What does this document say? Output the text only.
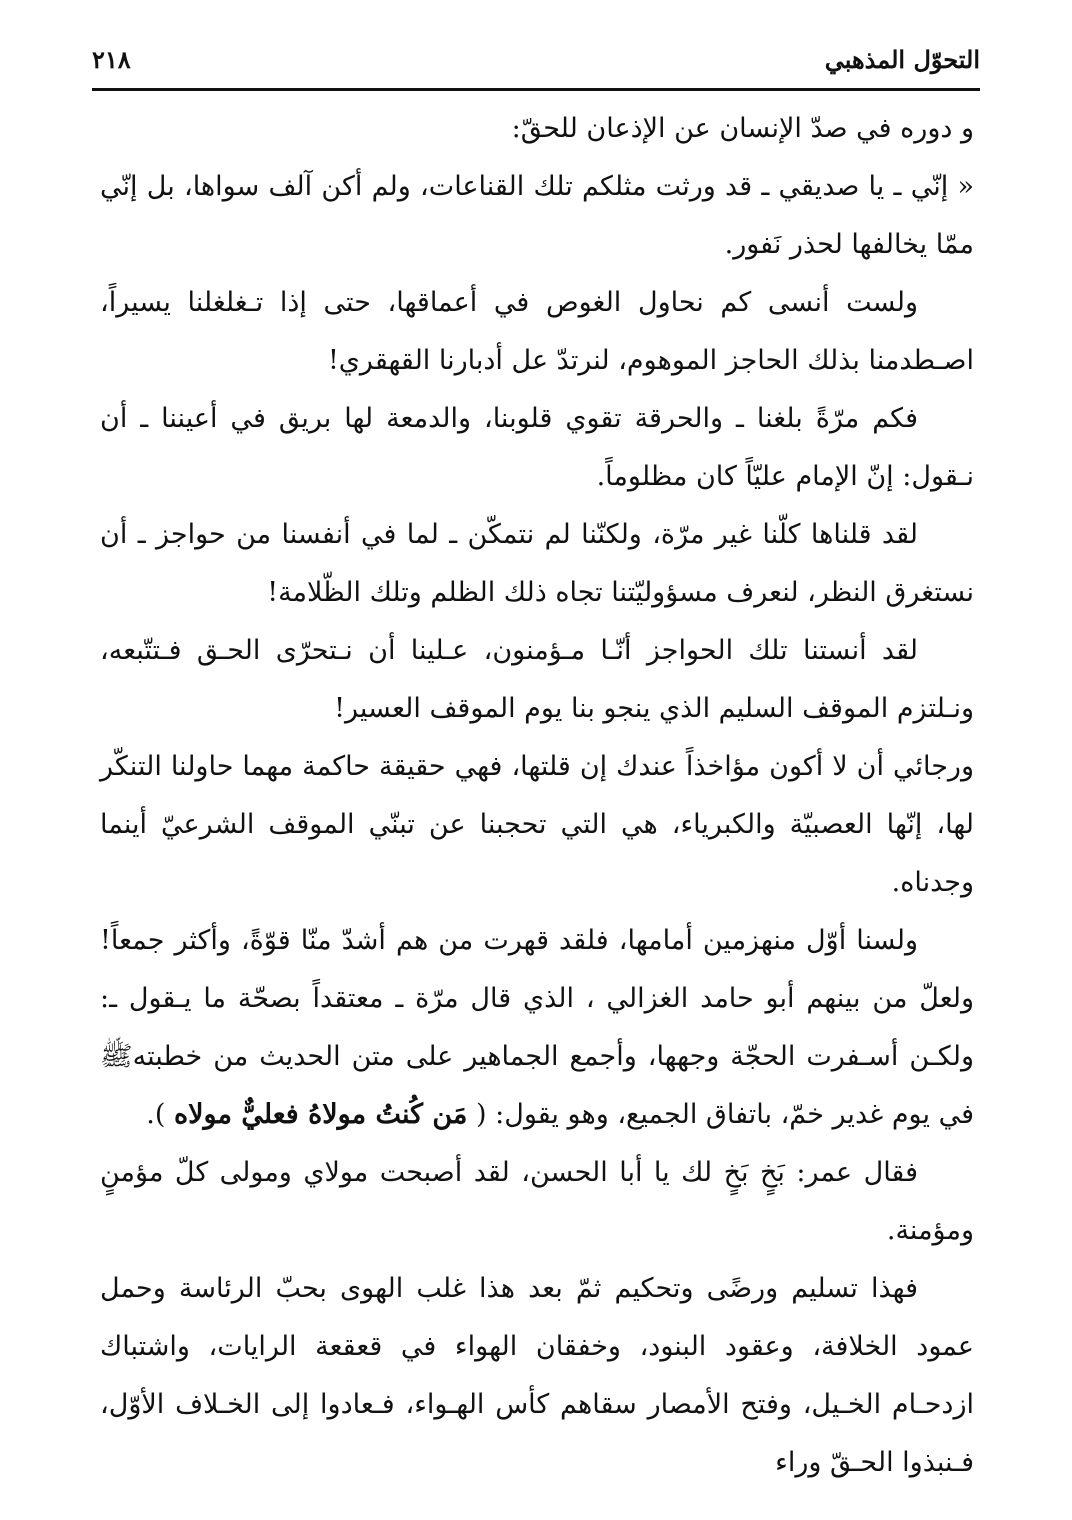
التحوّل المذهبي
٢١٨

و دوره في صدّ الإنسان عن الإذعان للحقّ:

« إنّي ـ يا صديقي ـ قد ورثت مثلكم تلك القناعات، ولم أكن آلف سواها، بل إنّي ممّا يخالفها لحذر نَفور.

ولست أنسى كم نحاول الغوص في أعماقها، حتى إذا تـغلغلنا يسيراً، اصـطدمنا بذلك الحاجز الموهوم، لنرتدّ عل أدبارنا القهقري!

فكم مرّةً بلغنا ـ والحرقة تقوي قلوبنا، والدمعة لها بريق في أعيننا ـ أن نـقول: إنّ الإمام عليّاً كان مظلوماً.

لقد قلناها كلّنا غير مرّة، ولكنّنا لم نتمكّن ـ لما في أنفسنا من حواجز ـ أن نستغرق النظر، لنعرف مسؤوليّتنا تجاه ذلك الظلم وتلك الظّلامة!

لقد أنستنا تلك الحواجز أنّـا مـؤمنون، عـلينا أن نـتحرّى الحـق فـتتّبعه، ونـلتزم الموقف السليم الذي ينجو بنا يوم الموقف العسير!

ورجائي أن لا أكون مؤاخذاً عندك إن قلتها، فهي حقيقة حاكمة مهما حاولنا التنكّر لها، إنّها العصبيّة والكبرياء، هي التي تحجبنا عن تبنّي الموقف الشرعيّ أينما وجدناه.

ولسنا أوّل منهزمين أمامها، فلقد قهرت من هم أشدّ منّا قوّةً، وأكثر جمعاً! ولعلّ من بينهم أبو حامد الغزالي ، الذي قال مرّة ـ معتقداً بصحّة ما يـقول ـ: ولكـن أسـفرت الحجّة وجهها، وأجمع الجماهير على متن الحديث من خطبتهﷺ في يوم غدير خمّ، باتفاق الجميع، وهو يقول: ( مَن كُنتُ مولاهُ فعليٌّ مولاه ).

فقال عمر: بَخٍ بَخٍ لك يا أبا الحسن، لقد أصبحت مولاي ومولى كلّ مؤمنٍ ومؤمنة.

فهذا تسليم ورضًى وتحكيم ثمّ بعد هذا غلب الهوى بحبّ الرئاسة وحمل عمود الخلافة، وعقود البنود، وخفقان الهواء في قعقعة الرايات، واشتباك ازدحـام الخـيل، وفتح الأمصار سقاهم كأس الهـواء، فـعادوا إلى الخـلاف الأوّل، فـنبذوا الحـقّ وراء
